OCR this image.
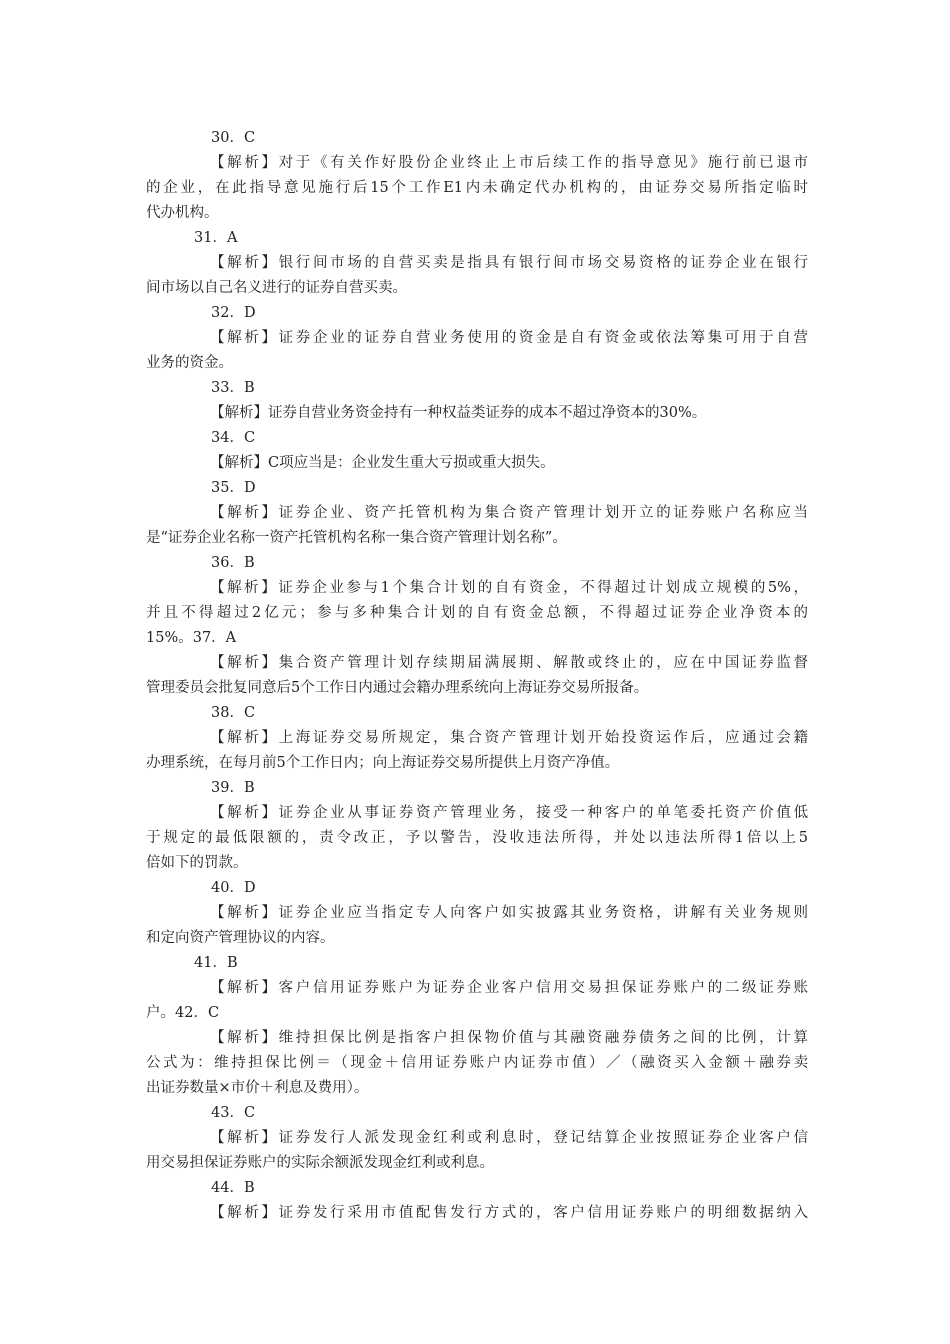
30．C
【解析】对于《有关作好股份企业终止上市后续工作的指导意见》施行前已退市
的企业，在此指导意见施行后15个工作E1内未确定代办机构的，由证券交易所指定临时
代办机构。
31．A
【解析】银行间市场的自营买卖是指具有银行间市场交易资格的证券企业在银行
间市场以自己名义进行的证券自营买卖。
32．D
【解析】证券企业的证券自营业务使用的资金是自有资金或依法筹集可用于自营
业务的资金。
33．B
【解析】证券自营业务资金持有一种权益类证券的成本不超过净资本的30%。
34．C
【解析】C项应当是：企业发生重大亏损或重大损失。
35．D
【解析】证券企业、资产托管机构为集合资产管理计划开立的证券账户名称应当
是“证券企业名称一资产托管机构名称一集合资产管理计划名称”。
36．B
【解析】证券企业参与1个集合计划的自有资金，不得超过计划成立规模的5%，
并且不得超过2亿元；参与多种集合计划的自有资金总额，不得超过证券企业净资本的
15%。37．A
【解析】集合资产管理计划存续期届满展期、解散或终止的，应在中国证券监督
管理委员会批复同意后5个工作日内通过会籍办理系统向上海证券交易所报备。
38．C
【解析】上海证券交易所规定，集合资产管理计划开始投资运作后，应通过会籍
办理系统，在每月前5个工作日内；向上海证券交易所提供上月资产净值。
39．B
【解析】证券企业从事证券资产管理业务，接受一种客户的单笔委托资产价值低
于规定的最低限额的，责令改正，予以警告，没收违法所得，并处以违法所得1倍以上5
倍如下的罚款。
40．D
【解析】证券企业应当指定专人向客户如实披露其业务资格，讲解有关业务规则
和定向资产管理协议的内容。
41．B
【解析】客户信用证券账户为证券企业客户信用交易担保证券账户的二级证券账
户。42．C
【解析】维持担保比例是指客户担保物价值与其融资融券债务之间的比例，计算
公式为：维持担保比例＝（现金＋信用证券账户内证券市值）／（融资买入金额＋融券卖
出证券数量×市价＋利息及费用）。
43．C
【解析】证券发行人派发现金红利或利息时，登记结算企业按照证券企业客户信
用交易担保证券账户的实际余额派发现金红利或利息。
44．B
【解析】证券发行采用市值配售发行方式的，客户信用证券账户的明细数据纳入
